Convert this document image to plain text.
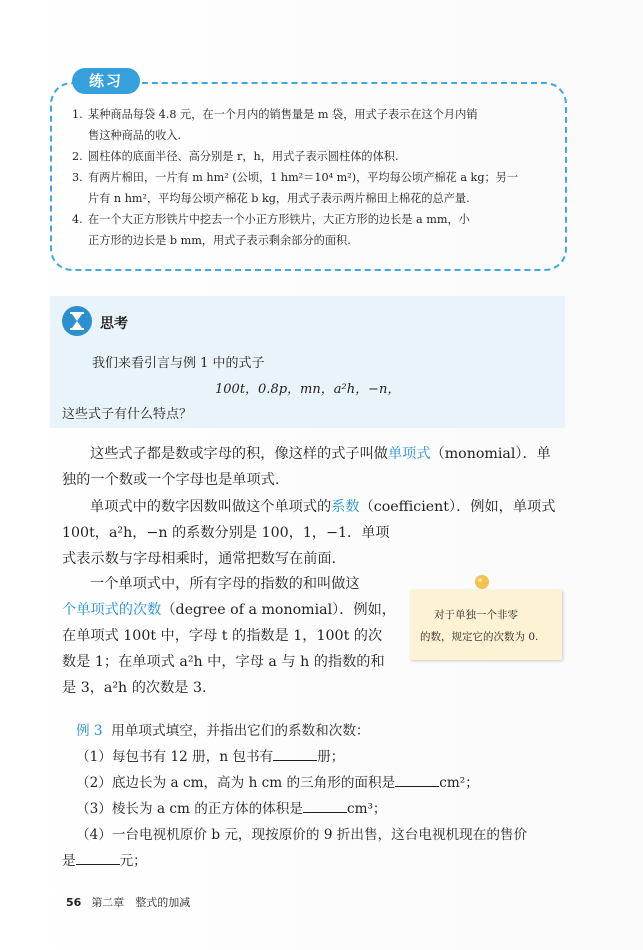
练习
1. 某种商品每袋 4.8 元，在一个月内的销售量是 m 袋，用式子表示在这个月内销
售这种商品的收入.
2. 圆柱体的底面半径、高分别是 r，h，用式子表示圆柱体的体积.
3. 有两片棉田，一片有 m hm² (公顷，1 hm²＝10⁴ m²)，平均每公顷产棉花 a kg；另一
片有 n hm²，平均每公顷产棉花 b kg，用式子表示两片棉田上棉花的总产量.
4. 在一个大正方形铁片中挖去一个小正方形铁片，大正方形的边长是 a mm，小
正方形的边长是 b mm，用式子表示剩余部分的面积.
思考
我们来看引言与例 1 中的式子
100t，0.8p，mn，a²h，−n，
这些式子有什么特点？
这些式子都是数或字母的积，像这样的式子叫做单项式（monomial）．单
独的一个数或一个字母也是单项式.
单项式中的数字因数叫做这个单项式的系数（coefficient）．例如，单项式
100t，a²h，−n 的系数分别是 100，1，−1．单项
式表示数与字母相乘时，通常把数写在前面.
一个单项式中，所有字母的指数的和叫做这
个单项式的次数（degree of a monomial）．例如，
在单项式 100t 中，字母 t 的指数是 1，100t 的次
数是 1；在单项式 a²h 中，字母 a 与 h 的指数的和
是 3，a²h 的次数是 3.
对于单独一个非零
的数，规定它的次数为 0.
例 3 用单项式填空，并指出它们的系数和次数：
（1）每包书有 12 册，n 包书有	册；
（2）底边长为 a cm，高为 h cm 的三角形的面积是	cm²；
（3）棱长为 a cm 的正方体的体积是	cm³；
（4）一台电视机原价 b 元，现按原价的 9 折出售，这台电视机现在的售价
是	元；
56 第二章　整式的加减
